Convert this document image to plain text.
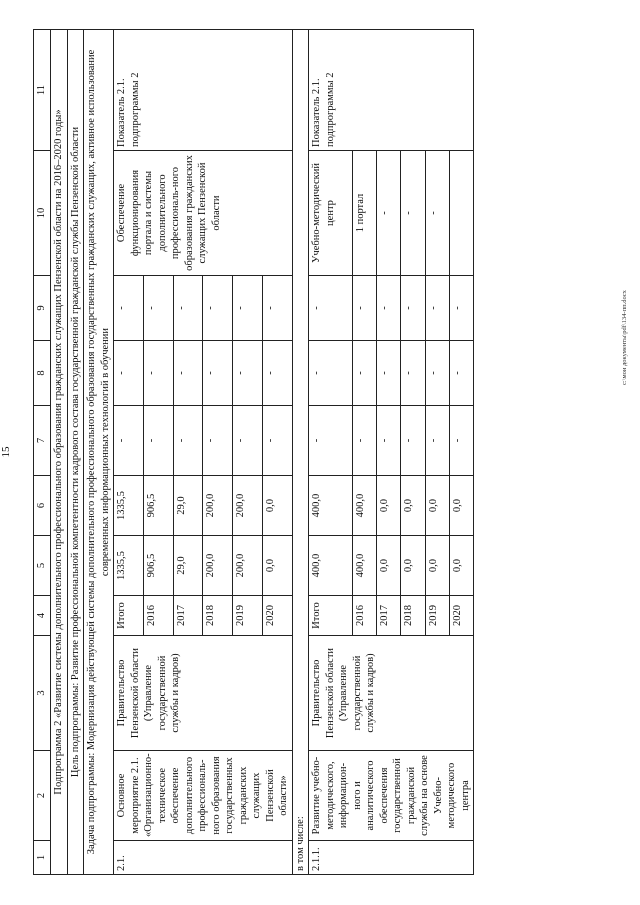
15
1	2	3	4	5	6	7	8	9	10	11
Подпрограмма 2 «Развитие системы дополнительного профессионального образования гражданских служащих Пензенской области на 2016–2020 годы»										
Цель подпрограммы: Развитие профессиональной компетентности кадрового состава государственной гражданской службы Пензенской области										
Задача подпрограммы: Модернизация действующей системы дополнительного профессионального образования государственных гражданских служащих, активное использование современных информационных технологий в обучении										
2.1.	Основное мероприятие 2.1. «Организационно-техническое обеспечение дополнительного профессиональ-ного образования государственных гражданских служащих Пензенской области»	Правительство Пензенской области (Управление государственной службы и кадров)	Итого	1335,5	1335,5	-	-	-	Обеспечение функционирования портала и системы дополнительного профессиональ-ного образования гражданских служащих Пензенской области	Показатель 2.1. подпрограммы 2
			2016	906,5	906,5	-	-	-		
			2017	29,0	29,0	-	-	-		
			2018	200,0	200,0	-	-	-		
			2019	200,0	200,0	-	-	-		
			2020	0,0	0,0	-	-	-		
в том числе:										
2.1.1.	Развитие учебно-методического, информацион-ного и аналитического обеспечения государственной гражданской службы на основе Учебно-методического центра	Правительство Пензенской области (Управление государственной службы и кадров)	Итого	400,0	400,0	-	-	-	Учебно-методический центр	Показатель 2.1. подпрограммы 2
			2016	400,0	400,0	-	-	-	1 портал	
			2017	0,0	0,0	-	-	-	-	
			2018	0,0	0,0	-	-	-	-	
			2019	0,0	0,0	-	-	-	-	
			2020	0,0	0,0	-	-	-			c:\мои документы\pdf\134-пп.docx
